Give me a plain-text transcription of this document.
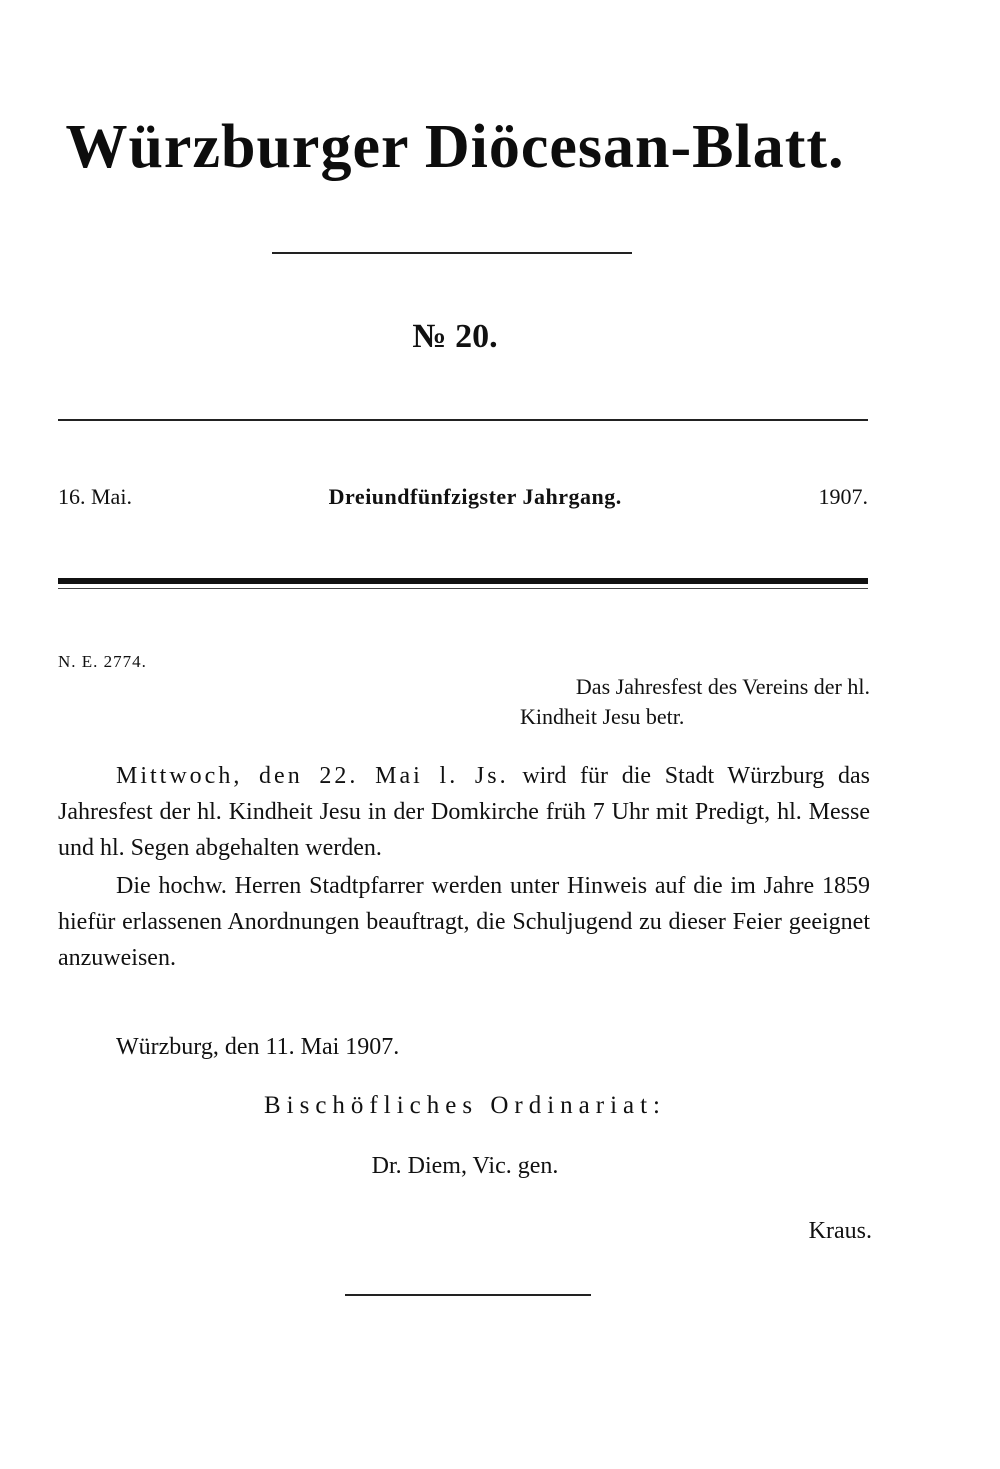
Würzburger Diöcesan-Blatt.
№ 20.
16. Mai.	Dreiundfünfzigster Jahrgang.	1907.
N. E. 2774.
Das Jahresfest des Vereins der hl.
Kindheit Jesu betr.

Mittwoch, den 22. Mai l. Js. wird für die Stadt Würzburg das Jahresfest der hl. Kindheit Jesu in der Domkirche früh 7 Uhr mit Predigt, hl. Messe und hl. Segen abgehalten werden.

Die hochw. Herren Stadtpfarrer werden unter Hinweis auf die im Jahre 1859 hiefür erlassenen Anordnungen beauftragt, die Schuljugend zu dieser Feier geeignet anzuweisen.

Würzburg, den 11. Mai 1907.
Bischöfliches Ordinariat:
Dr. Diem, Vic. gen.
Kraus.
